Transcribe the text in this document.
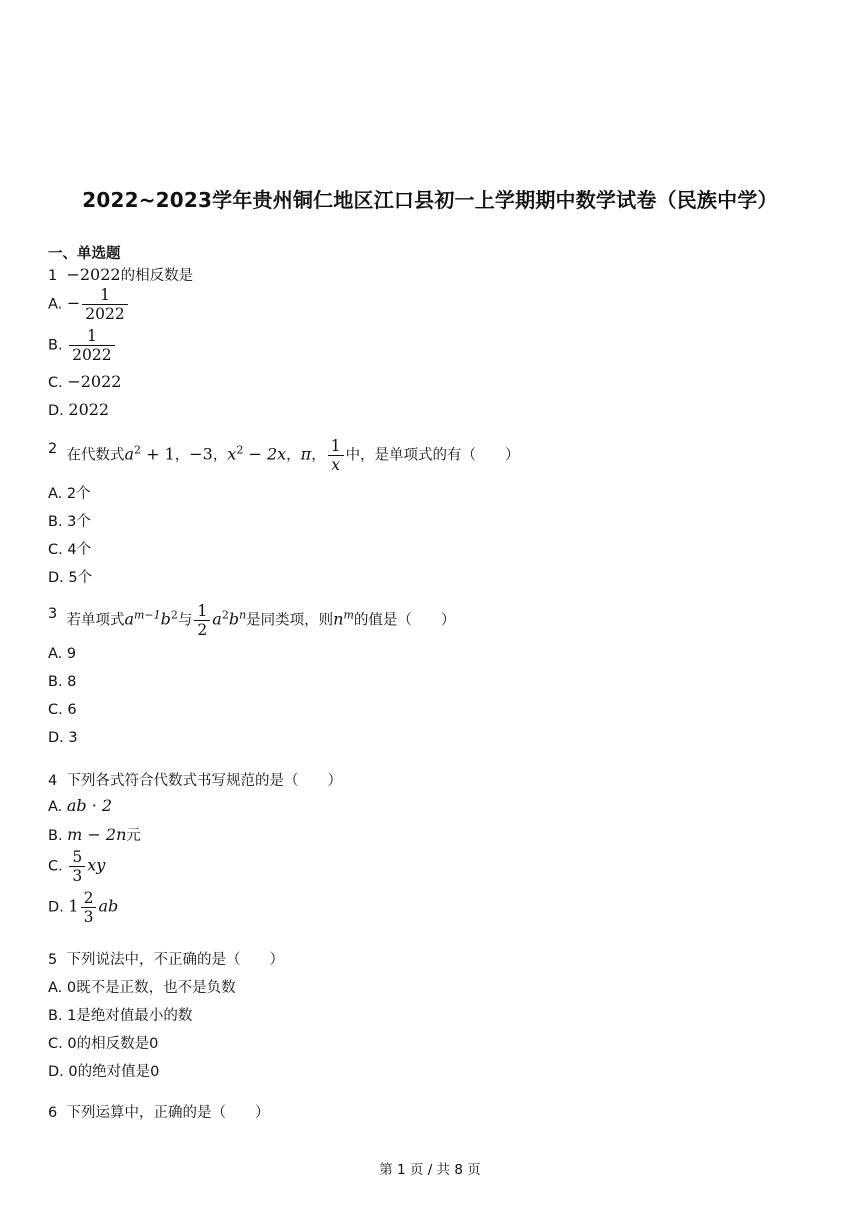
2022~2023学年贵州铜仁地区江口县初一上学期期中数学试卷（民族中学）
一、单选题
1 −2022的相反数是
A. − $\frac{1}{2022}$
B. $\frac{1}{2022}$
C. −2022
D. 2022
2 在代数式$a^2 + 1$，−3，$x^2 - 2x$，π， $\frac{1}{x}$ 中，是单项式的有（　　）
A. 2个
B. 3个
C. 4个
D. 5个
3 若单项式$a^{m-1}b^2$与 $\frac{1}{2} a^2b^n$是同类项，则$n^m$的值是（　　）
A. 9
B. 8
C. 6
D. 3
4 下列各式符合代数式书写规范的是（　　）
A. ab · 2
B. m − 2n元
C. $\frac{5}{3}$ xy
D. $1 \frac{2}{3}$ ab
5 下列说法中，不正确的是（　　）
A. 0既不是正数，也不是负数
B. 1是绝对值最小的数
C. 0的相反数是0
D. 0的绝对值是0
6 下列运算中，正确的是（　　）
第 1 页 / 共 8 页
